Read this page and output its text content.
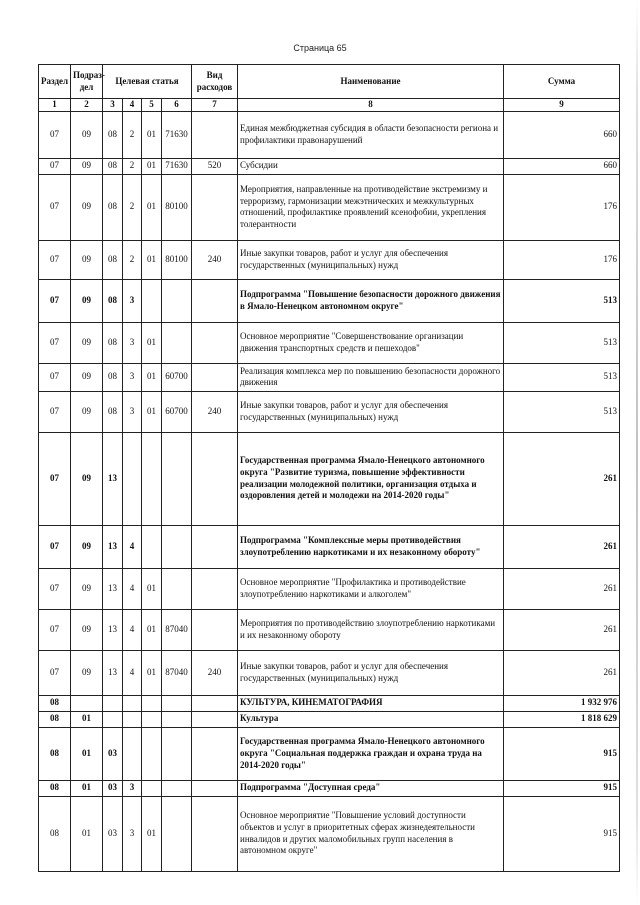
Страница 65
Раздел	Подраз-дел	Целевая статья				Вид расходов	Наименование	Сумма
1	2	3	4	5	6	7	8	9
07	09	08	2	01	71630		Единая межбюджетная субсидия в области безопасности региона и профилактики правонарушений	660
07	09	08	2	01	71630	520	Субсидии	660
07	09	08	2	01	80100		Мероприятия, направленные на противодействие экстремизму и терроризму, гармонизации межэтнических и межкультурных отношений, профилактике проявлений ксенофобии, укрепления толерантности	176
07	09	08	2	01	80100	240	Иные закупки товаров, работ и услуг для обеспечения государственных (муниципальных) нужд	176
07	09	08	3				Подпрограмма "Повышение безопасности дорожного движения в Ямало-Ненецком автономном округе"	513
07	09	08	3	01			Основное мероприятие "Совершенствование организации движения транспортных средств и пешеходов"	513
07	09	08	3	01	60700		Реализация комплекса мер по повышению безопасности дорожного движения	513
07	09	08	3	01	60700	240	Иные закупки товаров, работ и услуг для обеспечения государственных (муниципальных) нужд	513
07	09	13					Государственная программа Ямало-Ненецкого автономного округа "Развитие туризма, повышение эффективности реализации молодежной политики, организация отдыха и оздоровления детей и молодежи на 2014-2020 годы"	261
07	09	13	4				Подпрограмма "Комплексные меры противодействия злоупотреблению наркотиками и их незаконному обороту"	261
07	09	13	4	01			Основное мероприятие "Профилактика и противодействие злоупотреблению наркотиками и алкоголем"	261
07	09	13	4	01	87040		Мероприятия по противодействию злоупотреблению наркотиками и их незаконному обороту	261
07	09	13	4	01	87040	240	Иные закупки товаров, работ и услуг для обеспечения государственных (муниципальных) нужд	261
08							КУЛЬТУРА, КИНЕМАТОГРАФИЯ	1 932 976
08	01						Культура	1 818 629
08	01	03					Государственная программа Ямало-Ненецкого автономного округа "Социальная поддержка граждан и охрана труда на 2014-2020 годы"	915
08	01	03	3				Подпрограмма "Доступная среда"	915
08	01	03	3	01			Основное мероприятие "Повышение условий доступности объектов и услуг в приоритетных сферах жизнедеятельности инвалидов и других маломобильных групп населения в автономном округе"	915
